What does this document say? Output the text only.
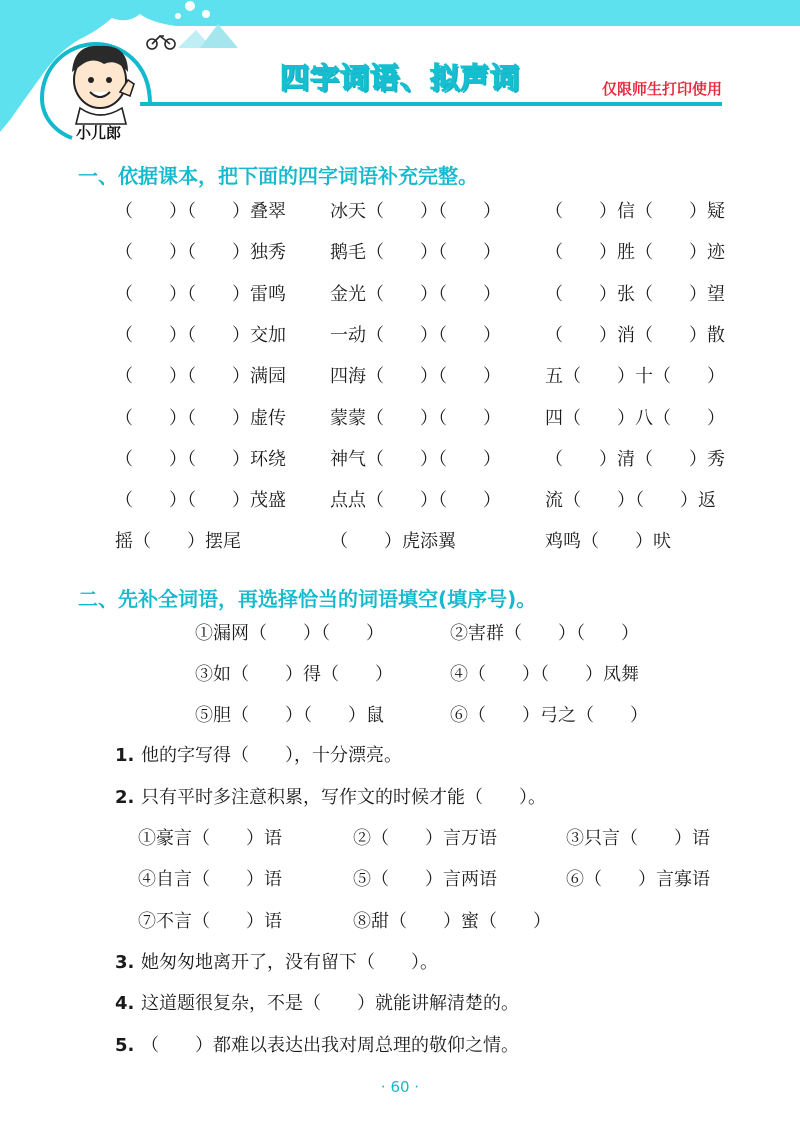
四字词语、拟声词	仅限师生打印使用
小儿郎
一、依据课本，把下面的四字词语补充完整。
（　　）（　　）叠翠 冰天（　　）（　　） （　　）信（　　）疑
（　　）（　　）独秀 鹅毛（　　）（　　） （　　）胜（　　）迹
（　　）（　　）雷鸣 金光（　　）（　　） （　　）张（　　）望
（　　）（　　）交加 一动（　　）（　　） （　　）消（　　）散
（　　）（　　）满园 四海（　　）（　　） 五（　　）十（　　）
（　　）（　　）虚传 蒙蒙（　　）（　　） 四（　　）八（　　）
（　　）（　　）环绕 神气（　　）（　　） （　　）清（　　）秀
（　　）（　　）茂盛 点点（　　）（　　） 流（　　）（　　）返
摇（　　）摆尾	（　　）虎添翼	鸡鸣（　　）吠
二、先补全词语，再选择恰当的词语填空(填序号)。
①漏网（　　）（　　）	②害群（　　）（　　）
③如（　　）得（　　）	④（　　）（　　）凤舞
⑤胆（　　）（　　）鼠	⑥（　　）弓之（　　）
1. 他的字写得（　　），十分漂亮。
2. 只有平时多注意积累，写作文的时候才能（　　）。
3. 她匆匆地离开了，没有留下（　　）。
4. 这道题很复杂，不是（　　）就能讲解清楚的。
5. （　　）都难以表达出我对周总理的敬仰之情。
①豪言（　　）语	②（　　）言万语	③只言（　　）语
④自言（　　）语	⑤（　　）言两语	⑥（　　）言寡语
⑦不言（　　）语	⑧甜（　　）蜜（　　）
· 60 ·
